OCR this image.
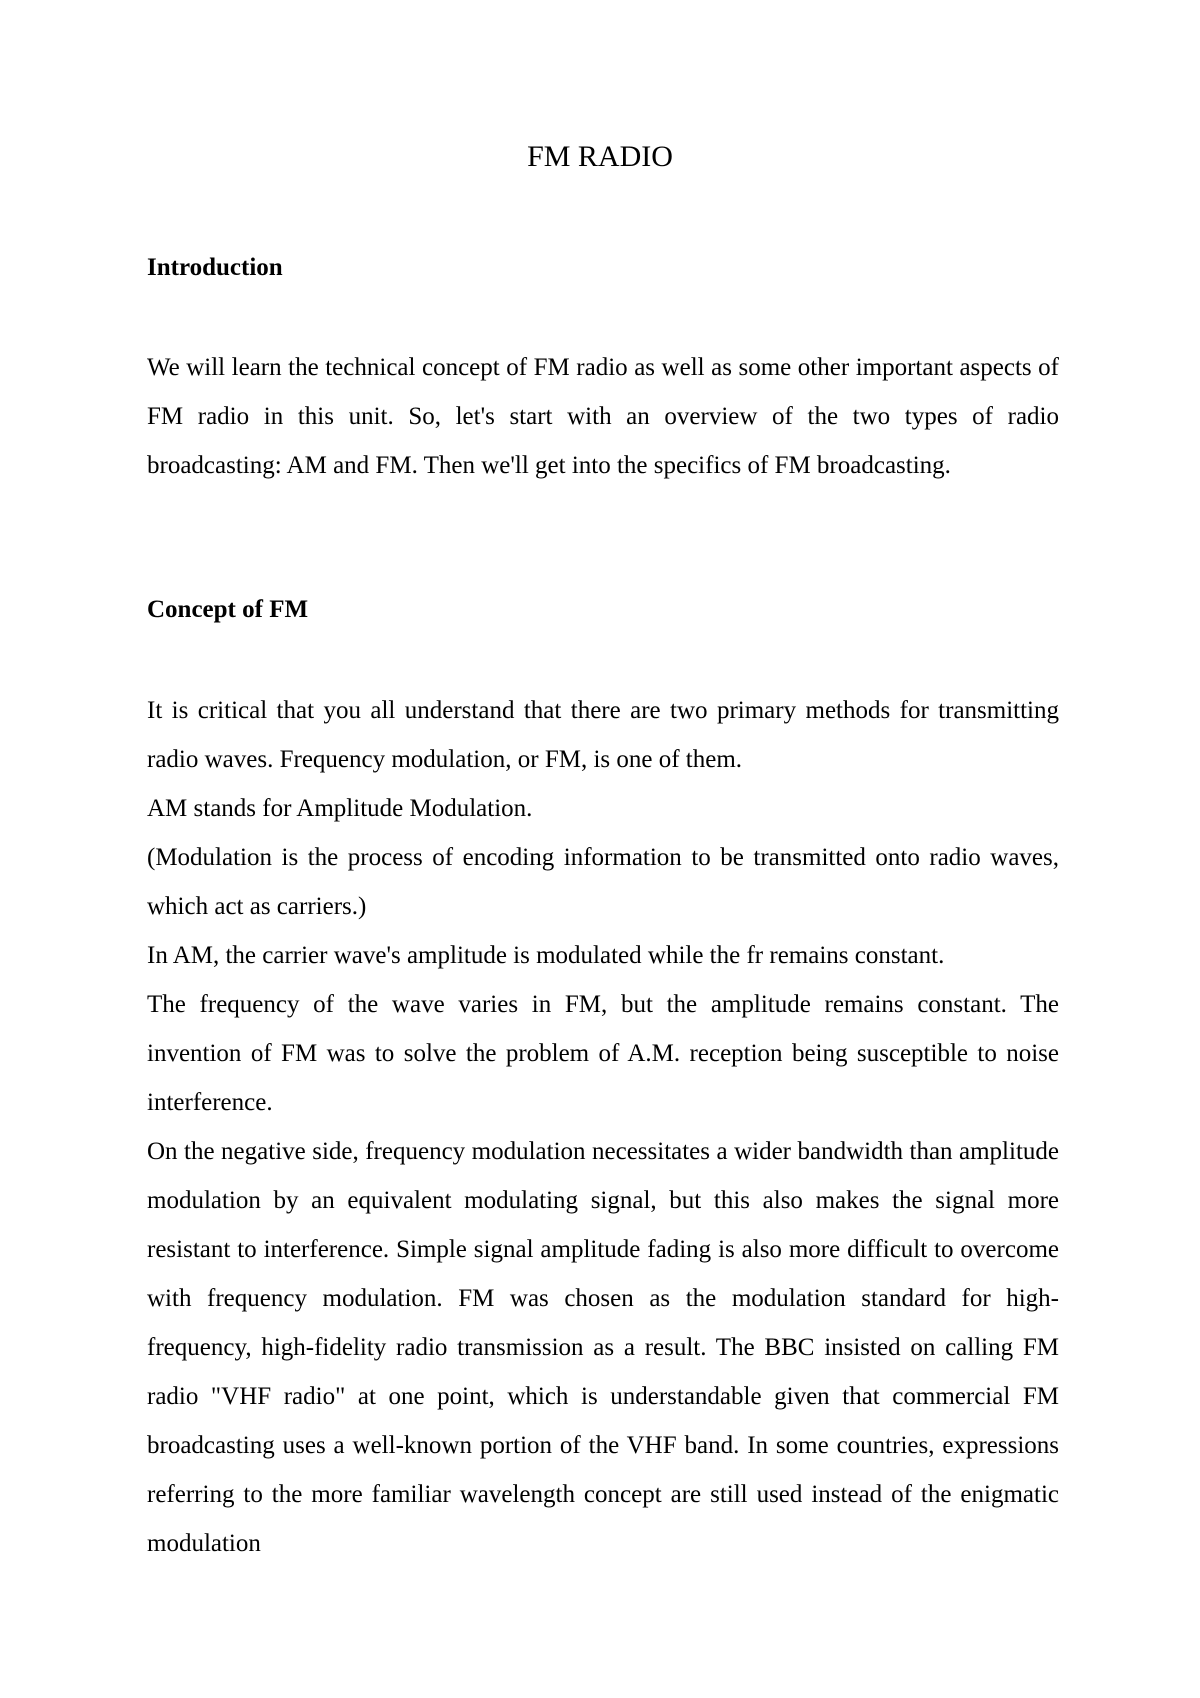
FM RADIO
Introduction

We will learn the technical concept of FM radio as well as some other important aspects of FM radio in this unit. So, let's start with an overview of the two types of radio broadcasting: AM and FM. Then we'll get into the specifics of FM broadcasting.

Concept of FM

It is critical that you all understand that there are two primary methods for transmitting radio waves. Frequency modulation, or FM, is one of them.

AM stands for Amplitude Modulation.

(Modulation is the process of encoding information to be transmitted onto radio waves, which act as carriers.)

In AM, the carrier wave's amplitude is modulated while the fr remains constant.

The frequency of the wave varies in FM, but the amplitude remains constant. The invention of FM was to solve the problem of A.M. reception being susceptible to noise interference.

On the negative side, frequency modulation necessitates a wider bandwidth than amplitude modulation by an equivalent modulating signal, but this also makes the signal more resistant to interference. Simple signal amplitude fading is also more difficult to overcome with frequency modulation. FM was chosen as the modulation standard for high-frequency, high-fidelity radio transmission as a result. The BBC insisted on calling FM radio "VHF radio" at one point, which is understandable given that commercial FM broadcasting uses a well-known portion of the VHF band. In some countries, expressions referring to the more familiar wavelength concept are still used instead of the enigmatic modulation
